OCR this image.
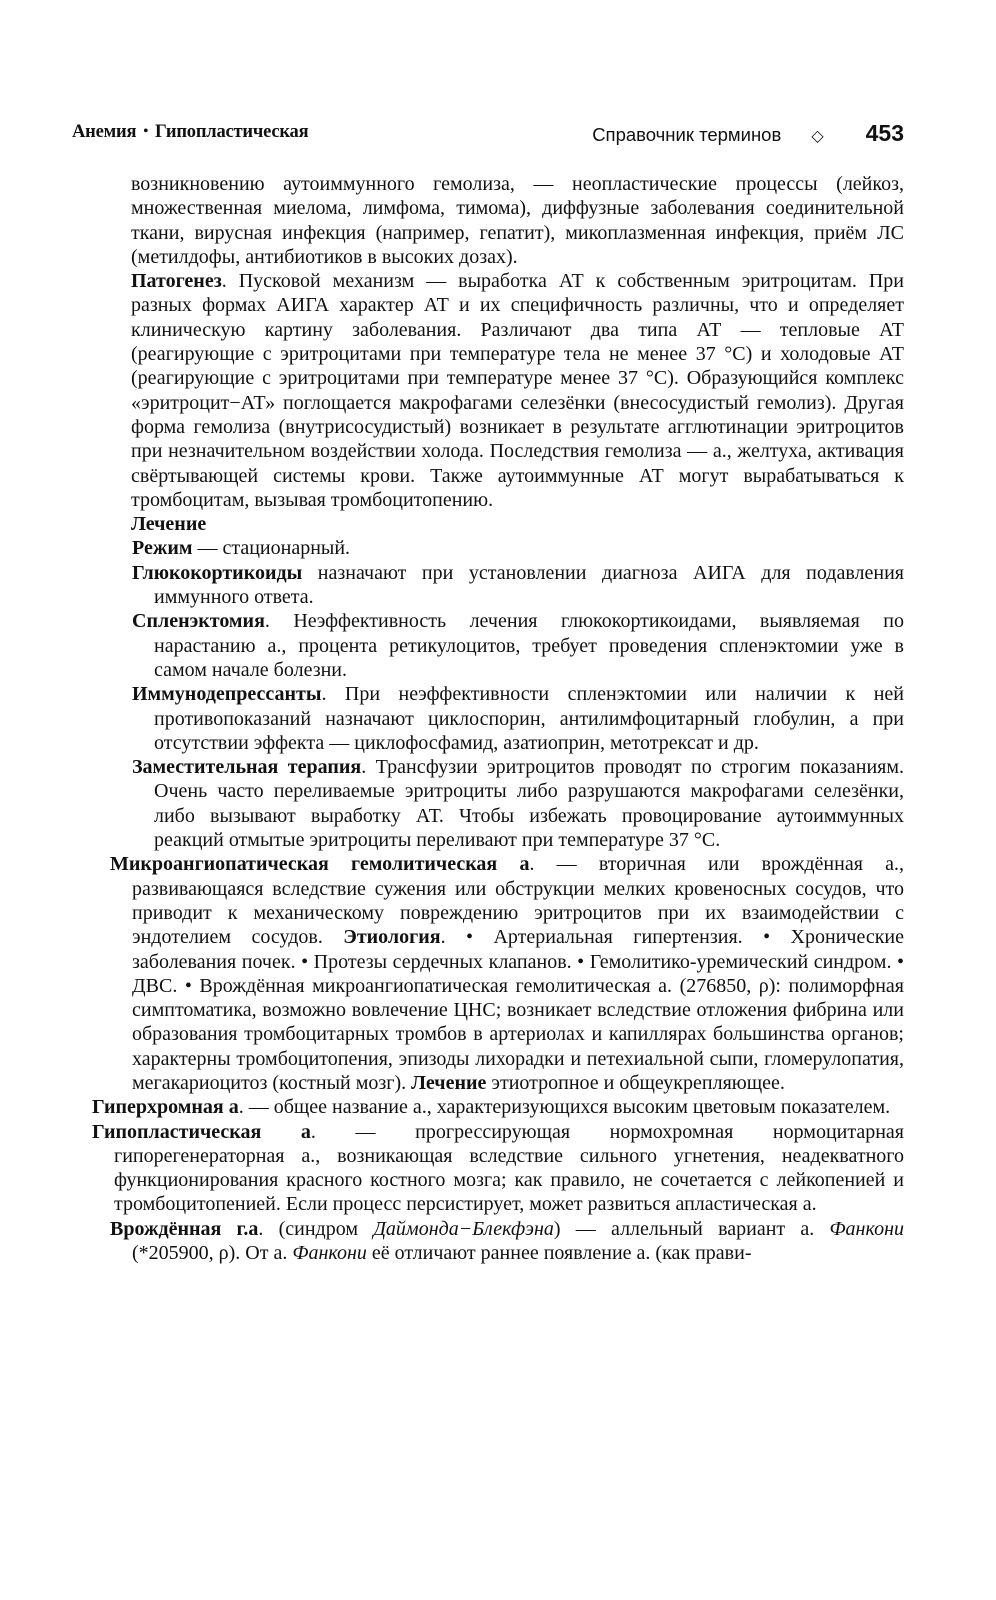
Анемия • Гипопластическая	Справочник терминов ◇ 453

возникновению аутоиммунного гемолиза, — неопластические процессы (лейкоз, множественная миелома, лимфома, тимома), диффузные заболевания соединительной ткани, вирусная инфекция (например, гепатит), микоплазменная инфекция, приём ЛС (метилдофы, антибиотиков в высоких дозах).

Патогенез. Пусковой механизм — выработка АТ к собственным эритроцитам. При разных формах АИГА характер АТ и их специфичность различны, что и определяет клиническую картину заболевания. Различают два типа АТ — тепловые АТ (реагирующие с эритроцитами при температуре тела не менее 37 °С) и холодовые АТ (реагирующие с эритроцитами при температуре менее 37 °С). Образующийся комплекс «эритроцит−АТ» поглощается макрофагами селезёнки (внесосудистый гемолиз). Другая форма гемолиза (внутрисосудистый) возникает в результате агглютинации эритроцитов при незначительном воздействии холода. Последствия гемолиза — а., желтуха, активация свёртывающей системы крови. Также аутоиммунные АТ могут вырабатываться к тромбоцитам, вызывая тромбоцитопению.

Лечение

Режим — стационарный.

Глюкокортикоиды назначают при установлении диагноза АИГА для подавления иммунного ответа.

Спленэктомия. Неэффективность лечения глюкокортикоидами, выявляемая по нарастанию а., процента ретикулоцитов, требует проведения спленэктомии уже в самом начале болезни.

Иммунодепрессанты. При неэффективности спленэктомии или наличии к ней противопоказаний назначают циклоспорин, антилимфоцитарный глобулин, а при отсутствии эффекта — циклофосфамид, азатиоприн, метотрексат и др.

Заместительная терапия. Трансфузии эритроцитов проводят по строгим показаниям. Очень часто переливаемые эритроциты либо разрушаются макрофагами селезёнки, либо вызывают выработку АТ. Чтобы избежать провоцирование аутоиммунных реакций отмытые эритроциты переливают при температуре 37 °С.

Микроангиопатическая гемолитическая а. — вторичная или врождённая а., развивающаяся вследствие сужения или обструкции мелких кровеносных сосудов, что приводит к механическому повреждению эритроцитов при их взаимодействии с эндотелием сосудов. Этиология. • Артериальная гипертензия. • Хронические заболевания почек. • Протезы сердечных клапанов. • Гемолитико-уремический синдром. • ДВС. • Врождённая микроангиопатическая гемолитическая а. (276850, ρ): полиморфная симптоматика, возможно вовлечение ЦНС; возникает вследствие отложения фибрина или образования тромбоцитарных тромбов в артериолах и капиллярах большинства органов; характерны тромбоцитопения, эпизоды лихорадки и петехиальной сыпи, гломерулопатия, мегакариоцитоз (костный мозг). Лечение этиотропное и общеукрепляющее.

Гиперхромная а. — общее название а., характеризующихся высоким цветовым показателем.

Гипопластическая а. — прогрессирующая нормохромная нормоцитарная гипорегенераторная а., возникающая вследствие сильного угнетения, неадекватного функционирования красного костного мозга; как правило, не сочетается с лейкопенией и тромбоцитопенией. Если процесс персистирует, может развиться апластическая а.

Врождённая г.а. (синдром Даймонда−Блекфэна) — аллельный вариант а. Фанкони (*205900, ρ). От а. Фанкони её отличают раннее появление а. (как прави-
